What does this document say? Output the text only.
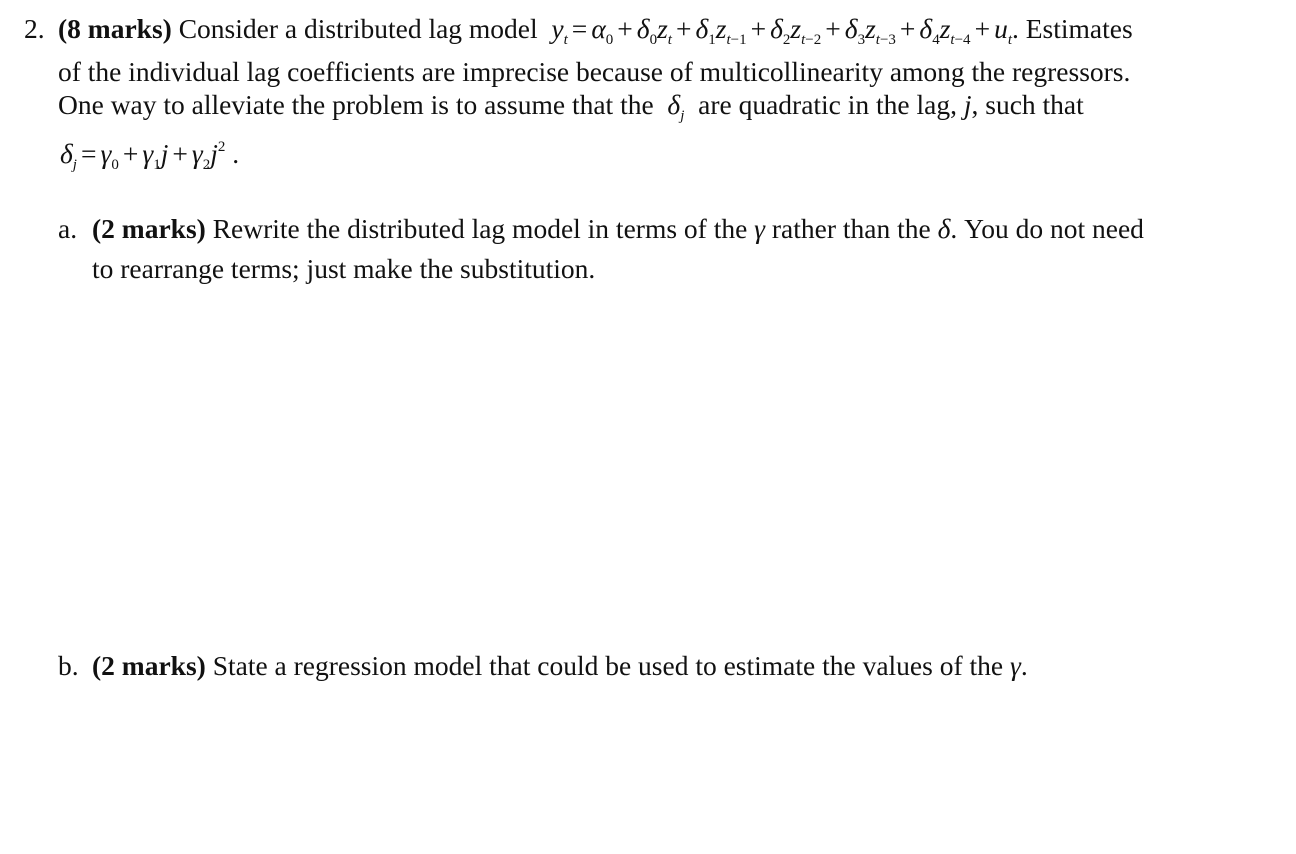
2. (8 marks) Consider a distributed lag model  $y_t = \alpha_0 + \delta_0z_t + \delta_1z_{t-1} + \delta_2z_{t-2} + \delta_3z_{t-3} + \delta_4z_{t-4} + u_t$. Estimates
of the individual lag coefficients are imprecise because of multicollinearity among the regressors.
One way to alleviate the problem is to assume that the  $\delta_j$ are quadratic in the lag, j, such that
$\delta_j = \gamma_0 + \gamma_1j + \gamma_2j^2$ .
a. (2 marks) Rewrite the distributed lag model in terms of the γ rather than the δ. You do not need
to rearrange terms; just make the substitution.
b. (2 marks) State a regression model that could be used to estimate the values of the γ.
